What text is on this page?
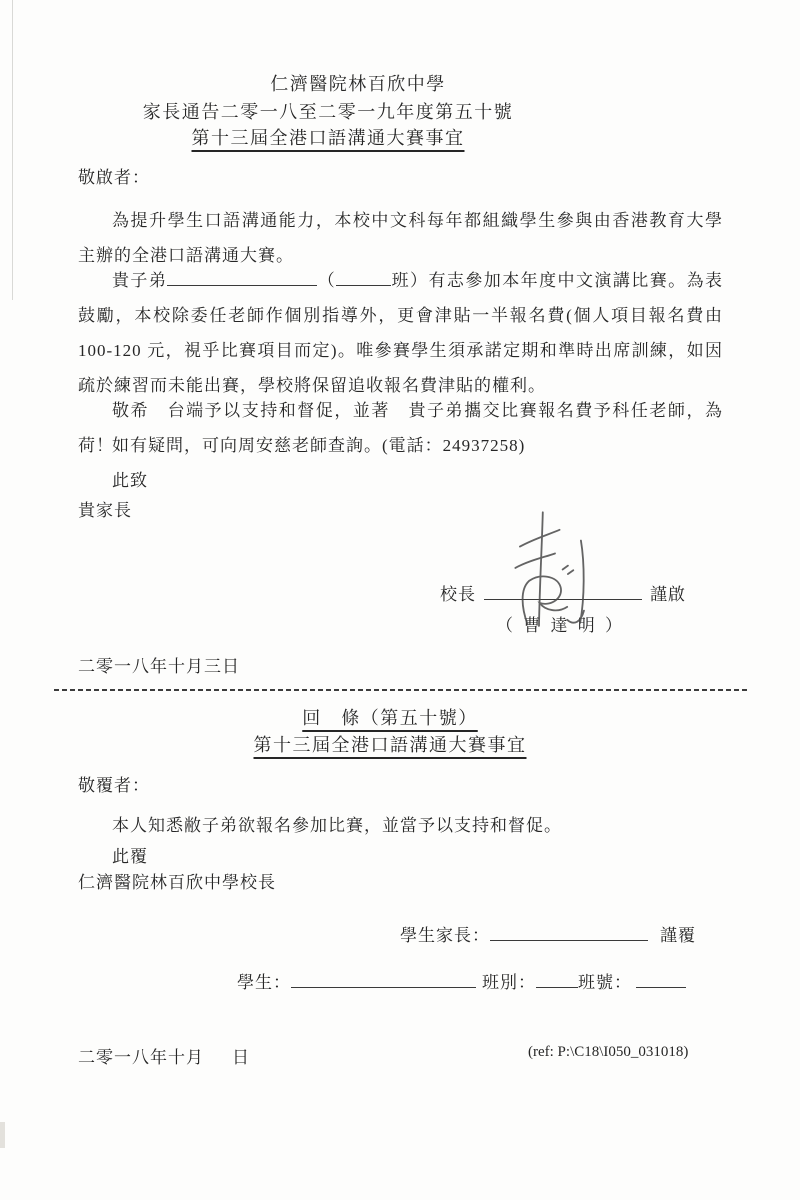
仁濟醫院林百欣中學
家長通告二零一八至二零一九年度第五十號
第十三屆全港口語溝通大賽事宜
敬啟者：

為提升學生口語溝通能力，本校中文科每年都組織學生參與由香港教育大學主辦的全港口語溝通大賽。

貴子弟	（	班）有志參加本年度中文演講比賽。為表鼓勵，本校除委任老師作個別指導外，更會津貼一半報名費(個人項目報名費由 100-120 元，視乎比賽項目而定)。唯參賽學生須承諾定期和準時出席訓練，如因疏於練習而未能出賽，學校將保留追收報名費津貼的權利。

敬希　台端予以支持和督促，並著　貴子弟攜交比賽報名費予科任老師，為荷！

如有疑問，可向周安慈老師查詢。(電話：24937258)

此致
貴家長
校長	謹啟
（ 曹 達 明 ）
二零一八年十月三日
回　條（第五十號）
第十三屆全港口語溝通大賽事宜
敬覆者：

本人知悉敝子弟欲報名參加比賽，並當予以支持和督促。

此覆
仁濟醫院林百欣中學校長
學生家長：	謹覆
學生：	班別： 班號：
二零一八年十月 日	(ref: P:\C18\I050_031018)
